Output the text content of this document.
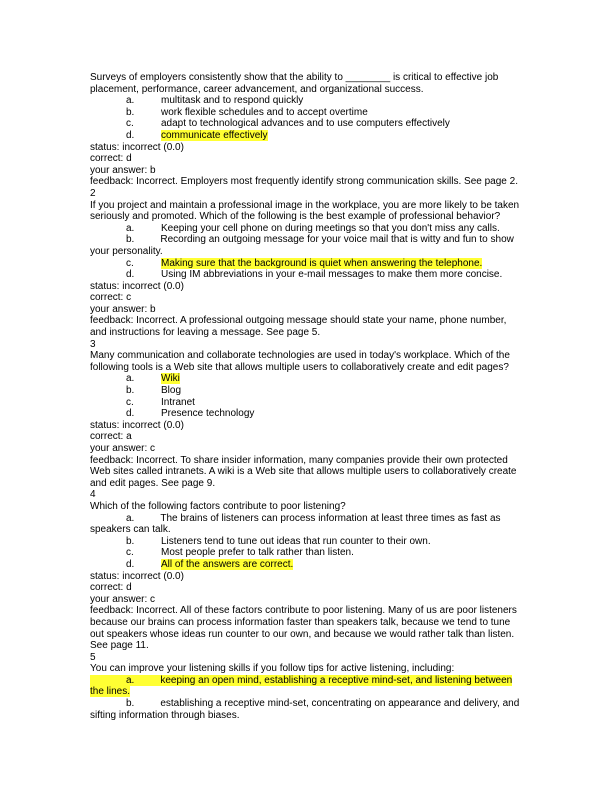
Surveys of employers consistently show that the ability to ________ is critical to effective job placement, performance, career advancement, and organizational success.
a.	multitask and to respond quickly
b.	work flexible schedules and to accept overtime
c.	adapt to technological advances and to use computers effectively
d.	communicate effectively
status: incorrect (0.0)
correct: d
your answer: b
feedback: Incorrect. Employers most frequently identify strong communication skills. See page 2.
2
If you project and maintain a professional image in the workplace, you are more likely to be taken seriously and promoted. Which of the following is the best example of professional behavior?
a.	Keeping your cell phone on during meetings so that you don't miss any calls.
b.	Recording an outgoing message for your voice mail that is witty and fun to show your personality.
c.	Making sure that the background is quiet when answering the telephone.
d.	Using IM abbreviations in your e-mail messages to make them more concise.
status: incorrect (0.0)
correct: c
your answer: b
feedback: Incorrect. A professional outgoing message should state your name, phone number, and instructions for leaving a message. See page 5.
3
Many communication and collaborate technologies are used in today's workplace. Which of the following tools is a Web site that allows multiple users to collaboratively create and edit pages?
a.	Wiki
b.	Blog
c.	Intranet
d.	Presence technology
status: incorrect (0.0)
correct: a
your answer: c
feedback: Incorrect. To share insider information, many companies provide their own protected Web sites called intranets. A wiki is a Web site that allows multiple users to collaboratively create and edit pages. See page 9.
4
Which of the following factors contribute to poor listening?
a.	The brains of listeners can process information at least three times as fast as speakers can talk.
b.	Listeners tend to tune out ideas that run counter to their own.
c.	Most people prefer to talk rather than listen.
d.	All of the answers are correct.
status: incorrect (0.0)
correct: d
your answer: c
feedback: Incorrect. All of these factors contribute to poor listening. Many of us are poor listeners because our brains can process information faster than speakers talk, because we tend to tune out speakers whose ideas run counter to our own, and because we would rather talk than listen. See page 11.
5
You can improve your listening skills if you follow tips for active listening, including:
a.	keeping an open mind, establishing a receptive mind-set, and listening between the lines.
b.	establishing a receptive mind-set, concentrating on appearance and delivery, and sifting information through biases.
